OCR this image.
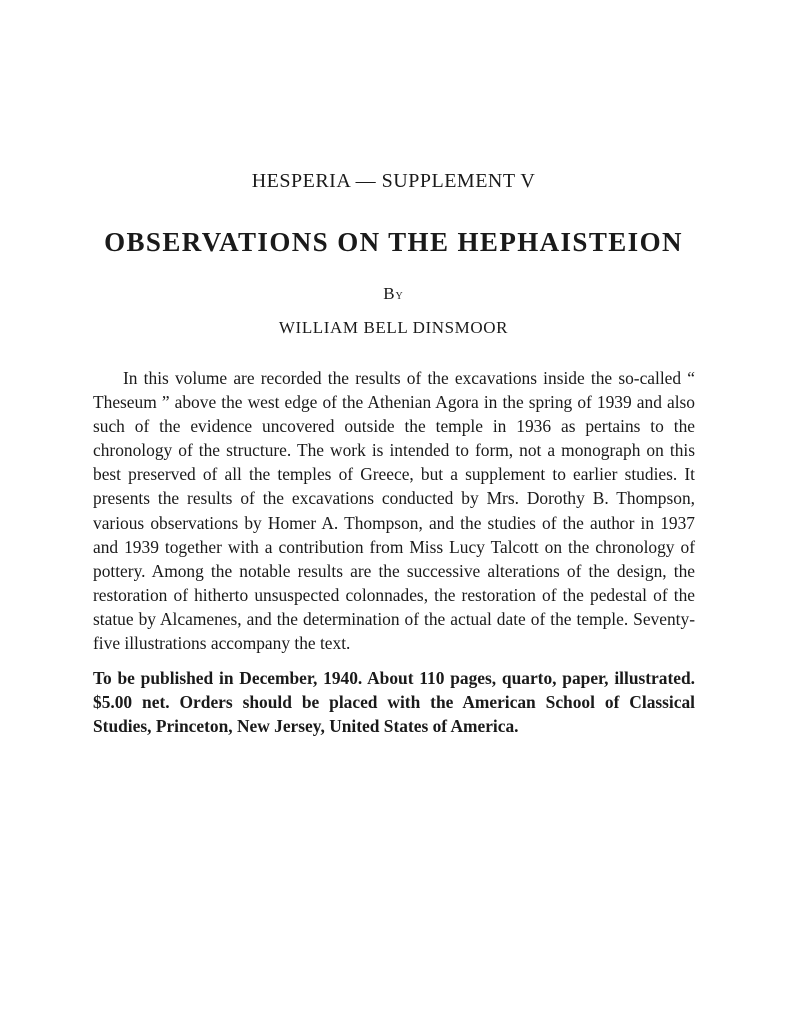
HESPERIA — SUPPLEMENT V
OBSERVATIONS ON THE HEPHAISTEION
By
WILLIAM BELL DINSMOOR

In this volume are recorded the results of the excavations inside the so-called “ Theseum ” above the west edge of the Athenian Agora in the spring of 1939 and also such of the evidence uncovered outside the temple in 1936 as pertains to the chronology of the structure. The work is intended to form, not a monograph on this best preserved of all the temples of Greece, but a supplement to earlier studies. It presents the results of the excavations conducted by Mrs. Dorothy B. Thompson, various observations by Homer A. Thompson, and the studies of the author in 1937 and 1939 together with a contribution from Miss Lucy Talcott on the chronology of pottery. Among the notable results are the successive alterations of the design, the restoration of hitherto unsuspected colonnades, the restoration of the pedestal of the statue by Alcamenes, and the determination of the actual date of the temple. Seventy-five illustrations accompany the text.

To be published in December, 1940. About 110 pages, quarto, paper, illustrated. $5.00 net. Orders should be placed with the American School of Classical Studies, Princeton, New Jersey, United States of America.
